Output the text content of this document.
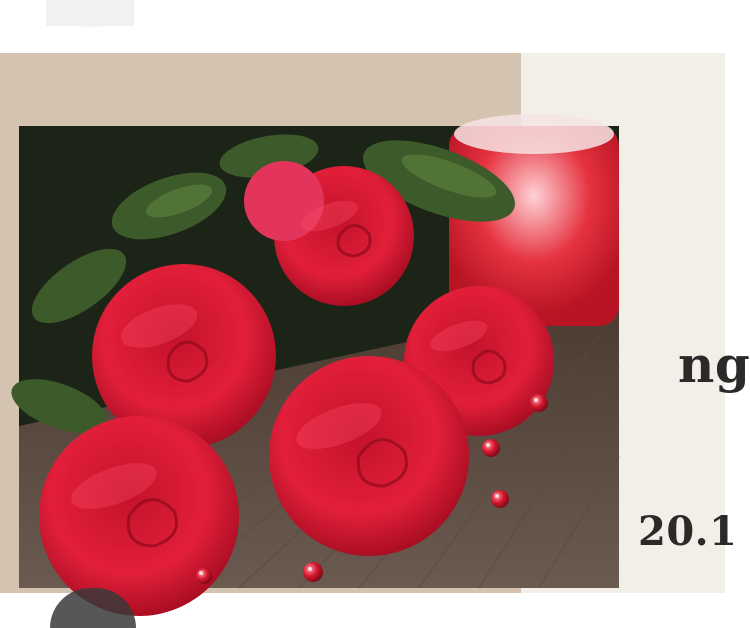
ng
20.1
